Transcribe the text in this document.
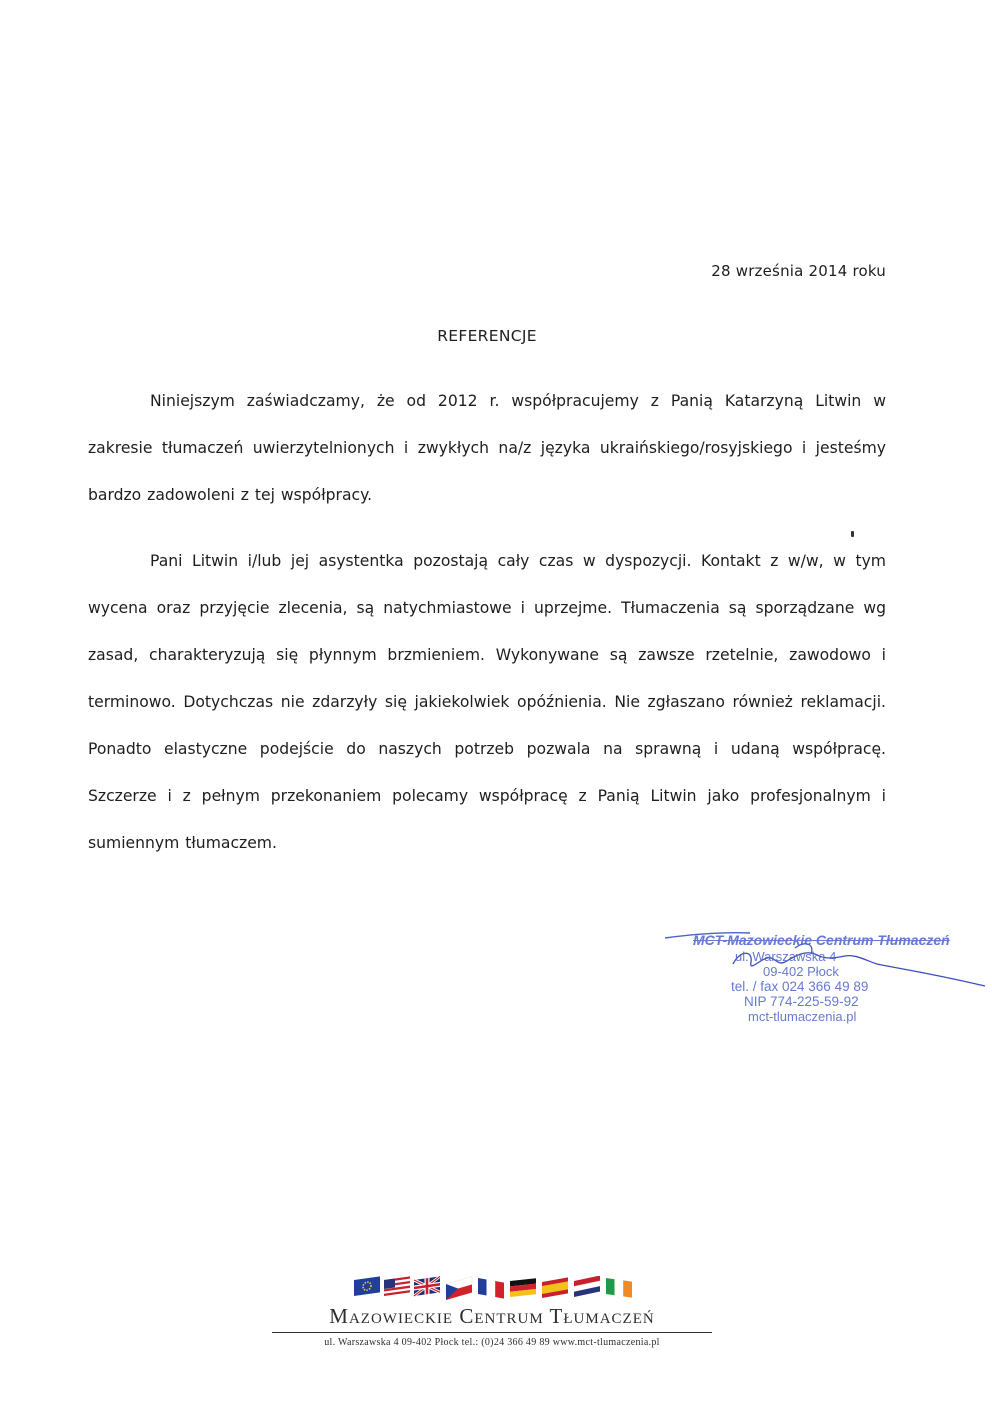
28 września 2014 roku
REFERENCJE

Niniejszym zaświadczamy, że od 2012 r. współpracujemy z Panią Katarzyną Litwin w zakresie tłumaczeń uwierzytelnionych i zwykłych na/z języka ukraińskiego/rosyjskiego i jesteśmy bardzo zadowoleni z tej współpracy.

Pani Litwin i/lub jej asystentka pozostają cały czas w dyspozycji. Kontakt z w/w, w tym wycena oraz przyjęcie zlecenia, są natychmiastowe i uprzejme. Tłumaczenia są sporządzane wg zasad, charakteryzują się płynnym brzmieniem. Wykonywane są zawsze rzetelnie, zawodowo i terminowo. Dotychczas nie zdarzyły się jakiekolwiek opóźnienia. Nie zgłaszano również reklamacji. Ponadto elastyczne podejście do naszych potrzeb pozwala na sprawną i udaną współpracę. Szczerze i z pełnym przekonaniem polecamy współpracę z Panią Litwin jako profesjonalnym i sumiennym tłumaczem.

MCT-Mazowieckie Centrum Tłumaczeń
ul. Warszawska 4
09-402 Płock
tel. / fax 024 366 49 89
NIP 774-225-59-92
mct-tlumaczenia.pl
Mazowieckie Centrum Tłumaczeń
ul. Warszawska 4 09-402 Płock tel.: (0)24 366 49 89 www.mct-tlumaczenia.pl
